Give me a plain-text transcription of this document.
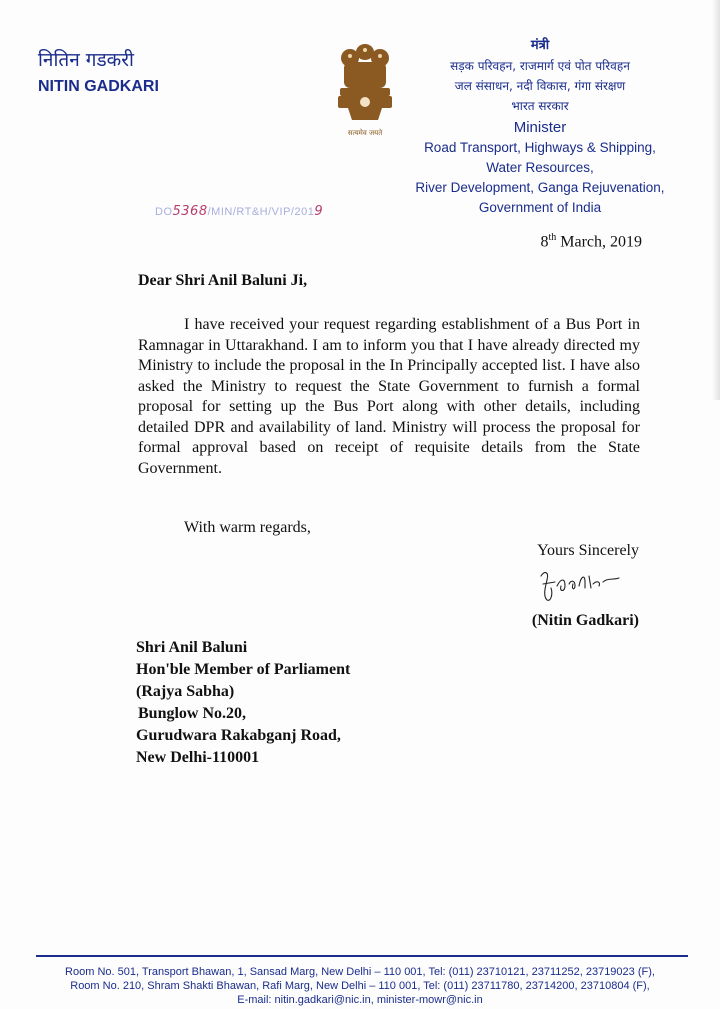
नितिन गडकरी
NITIN GADKARI
सत्यमेव जयते
मंत्री
सड़क परिवहन, राजमार्ग एवं पोत परिवहन
जल संसाधन, नदी विकास, गंगा संरक्षण
भारत सरकार
Minister
Road Transport, Highways & Shipping,
Water Resources,
River Development, Ganga Rejuvenation,
Government of India
DO5368/MIN/RT&H/VIP/2019
8th March, 2019
Dear Shri Anil Baluni Ji,
I have received your request regarding establishment of a Bus Port in Ramnagar in Uttarakhand. I am to inform you that I have already directed my Ministry to include the proposal in the In Principally accepted list. I have also asked the Ministry to request the State Government to furnish a formal proposal for setting up the Bus Port along with other details, including detailed DPR and availability of land. Ministry will process the proposal for formal approval based on receipt of requisite details from the State Government.
With warm regards,
Yours Sincerely
(Nitin Gadkari)
Shri Anil Baluni
Hon'ble Member of Parliament
(Rajya Sabha)
Bunglow No.20,
Gurudwara Rakabganj Road,
New Delhi-110001
Room No. 501, Transport Bhawan, 1, Sansad Marg, New Delhi – 110 001, Tel: (011) 23710121, 23711252, 23719023 (F),
Room No. 210, Shram Shakti Bhawan, Rafi Marg, New Delhi – 110 001, Tel: (011) 23711780, 23714200, 23710804 (F),
E-mail: nitin.gadkari@nic.in, minister-mowr@nic.in
